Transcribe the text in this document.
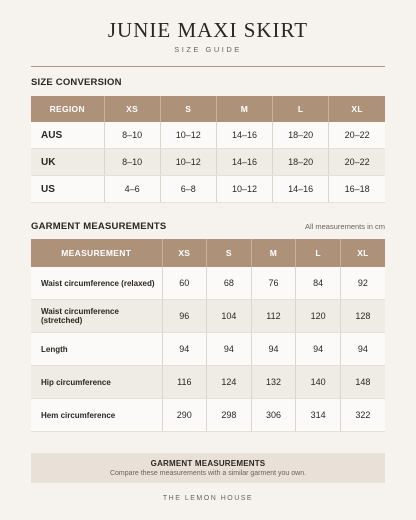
JUNIE MAXI SKIRT
SIZE GUIDE
SIZE CONVERSION
REGION	XS	S	M	L	XL
AUS	8–10	10–12	14–16	18–20	20–22
UK	8–10	10–12	14–16	18–20	20–22
US	4–6	6–8	10–12	14–16	16–18
GARMENT MEASUREMENTS	All measurements in cm
MEASUREMENT	XS	S	M	L	XL
Waist circumference (relaxed)	60	68	76	84	92
Waist circumference (stretched)	96	104	112	120	128
Length	94	94	94	94	94
Hip circumference	116	124	132	140	148
Hem circumference	290	298	306	314	322
GARMENT MEASUREMENTS
Compare these measurements with a similar garment you own.
THE LEMON HOUSE
